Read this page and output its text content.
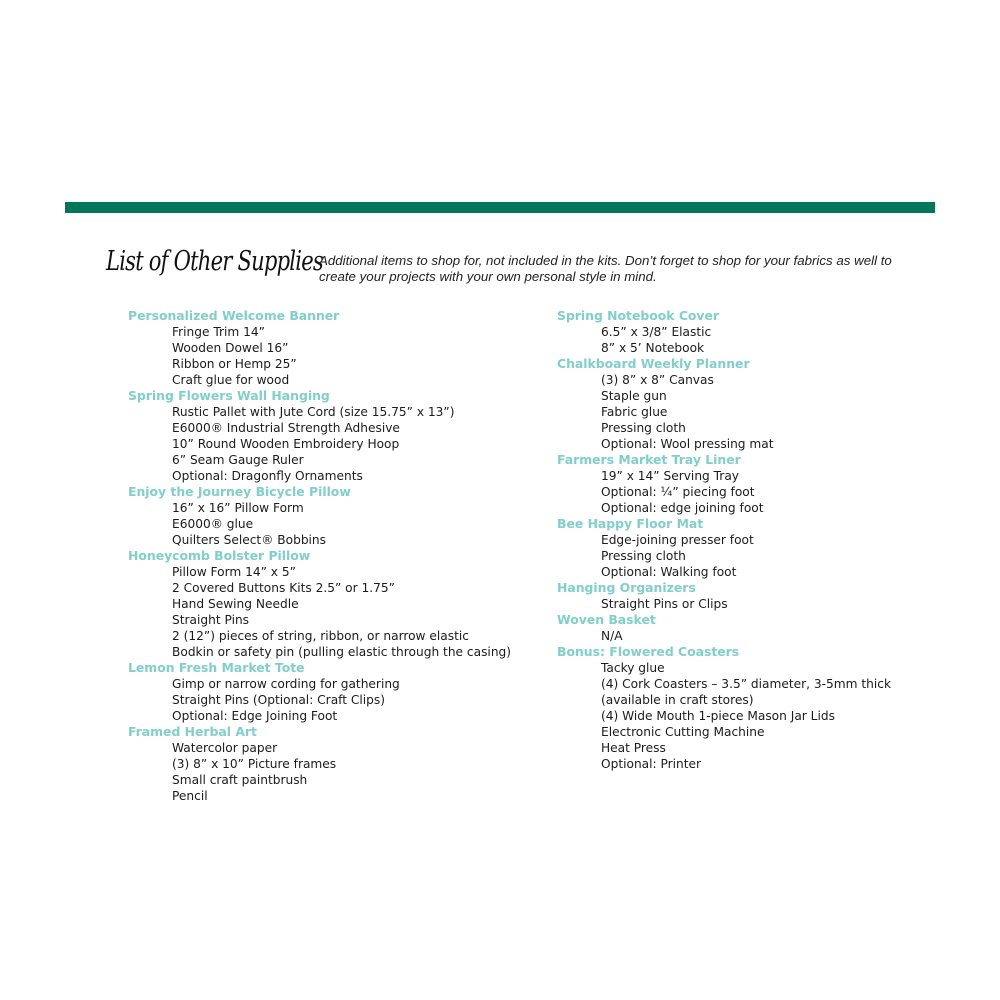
List of Other Supplies
Additional items to shop for, not included in the kits. Don’t forget to shop for your fabrics as well to create your projects with your own personal style in mind.
Personalized Welcome Banner
Fringe Trim 14”
Wooden Dowel 16”
Ribbon or Hemp 25”
Craft glue for wood
Spring Flowers Wall Hanging
Rustic Pallet with Jute Cord (size 15.75” x 13”)
E6000® Industrial Strength Adhesive
10” Round Wooden Embroidery Hoop
6” Seam Gauge Ruler
Optional: Dragonfly Ornaments
Enjoy the Journey Bicycle Pillow
16” x 16” Pillow Form
E6000® glue
Quilters Select® Bobbins
Honeycomb Bolster Pillow
Pillow Form 14” x 5”
2 Covered Buttons Kits 2.5” or 1.75”
Hand Sewing Needle
Straight Pins
2 (12”) pieces of string, ribbon, or narrow elastic
Bodkin or safety pin (pulling elastic through the casing)
Lemon Fresh Market Tote
Gimp or narrow cording for gathering
Straight Pins (Optional: Craft Clips)
Optional: Edge Joining Foot
Framed Herbal Art
Watercolor paper
(3) 8” x 10” Picture frames
Small craft paintbrush
Pencil
Spring Notebook Cover
6.5” x 3/8” Elastic
8” x 5’ Notebook
Chalkboard Weekly Planner
(3) 8” x 8” Canvas
Staple gun
Fabric glue
Pressing cloth
Optional: Wool pressing mat
Farmers Market Tray Liner
19” x 14” Serving Tray
Optional: ¼” piecing foot
Optional: edge joining foot
Bee Happy Floor Mat
Edge-joining presser foot
Pressing cloth
Optional: Walking foot
Hanging Organizers
Straight Pins or Clips
Woven Basket
N/A
Bonus: Flowered Coasters
Tacky glue
(4) Cork Coasters – 3.5” diameter, 3-5mm thick
(available in craft stores)
(4) Wide Mouth 1-piece Mason Jar Lids
Electronic Cutting Machine
Heat Press
Optional: Printer
